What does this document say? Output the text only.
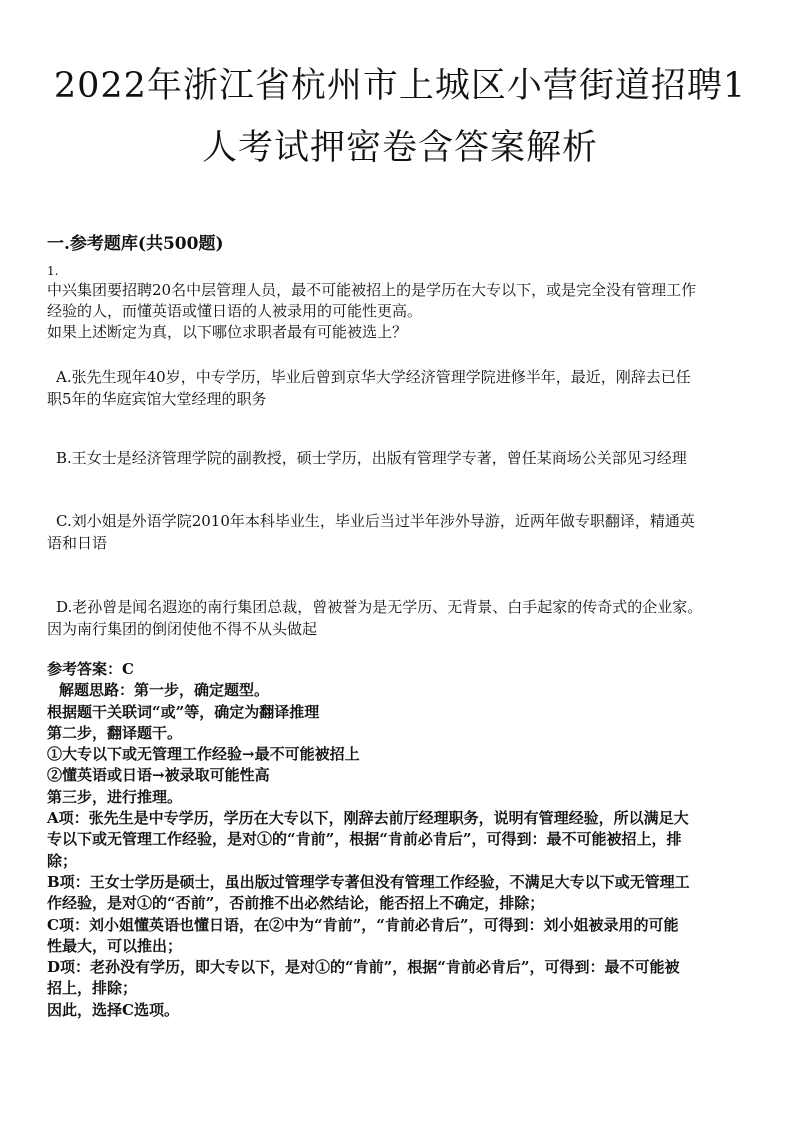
2022年浙江省杭州市上城区小营街道招聘1
人考试押密卷含答案解析
一.参考题库(共500题)
1.

中兴集团要招聘20名中层管理人员，最不可能被招上的是学历在大专以下，或是完全没有管理工作

经验的人，而懂英语或懂日语的人被录用的可能性更高。

如果上述断定为真，以下哪位求职者最有可能被选上？

A.张先生现年40岁，中专学历，毕业后曾到京华大学经济管理学院进修半年，最近，刚辞去已任

职5年的华庭宾馆大堂经理的职务

B.王女士是经济管理学院的副教授，硕士学历，出版有管理学专著，曾任某商场公关部见习经理

C.刘小姐是外语学院2010年本科毕业生，毕业后当过半年涉外导游，近两年做专职翻译，精通英

语和日语

D.老孙曾是闻名遐迩的南行集团总裁，曾被誉为是无学历、无背景、白手起家的传奇式的企业家。

因为南行集团的倒闭使他不得不从头做起

参考答案：C

解题思路：第一步，确定题型。

根据题干关联词“或”等，确定为翻译推理

第二步，翻译题干。

①大专以下或无管理工作经验→最不可能被招上

②懂英语或日语→被录取可能性高

第三步，进行推理。

A项：张先生是中专学历，学历在大专以下，刚辞去前厅经理职务，说明有管理经验，所以满足大

专以下或无管理工作经验，是对①的“肯前”，根据“肯前必肯后”，可得到：最不可能被招上，排

除；

B项：王女士学历是硕士，虽出版过管理学专著但没有管理工作经验，不满足大专以下或无管理工

作经验，是对①的“否前”，否前推不出必然结论，能否招上不确定，排除；

C项：刘小姐懂英语也懂日语，在②中为“肯前”，“肯前必肯后”，可得到：刘小姐被录用的可能

性最大，可以推出；

D项：老孙没有学历，即大专以下，是对①的“肯前”，根据“肯前必肯后”，可得到：最不可能被

招上，排除；

因此，选择C选项。
